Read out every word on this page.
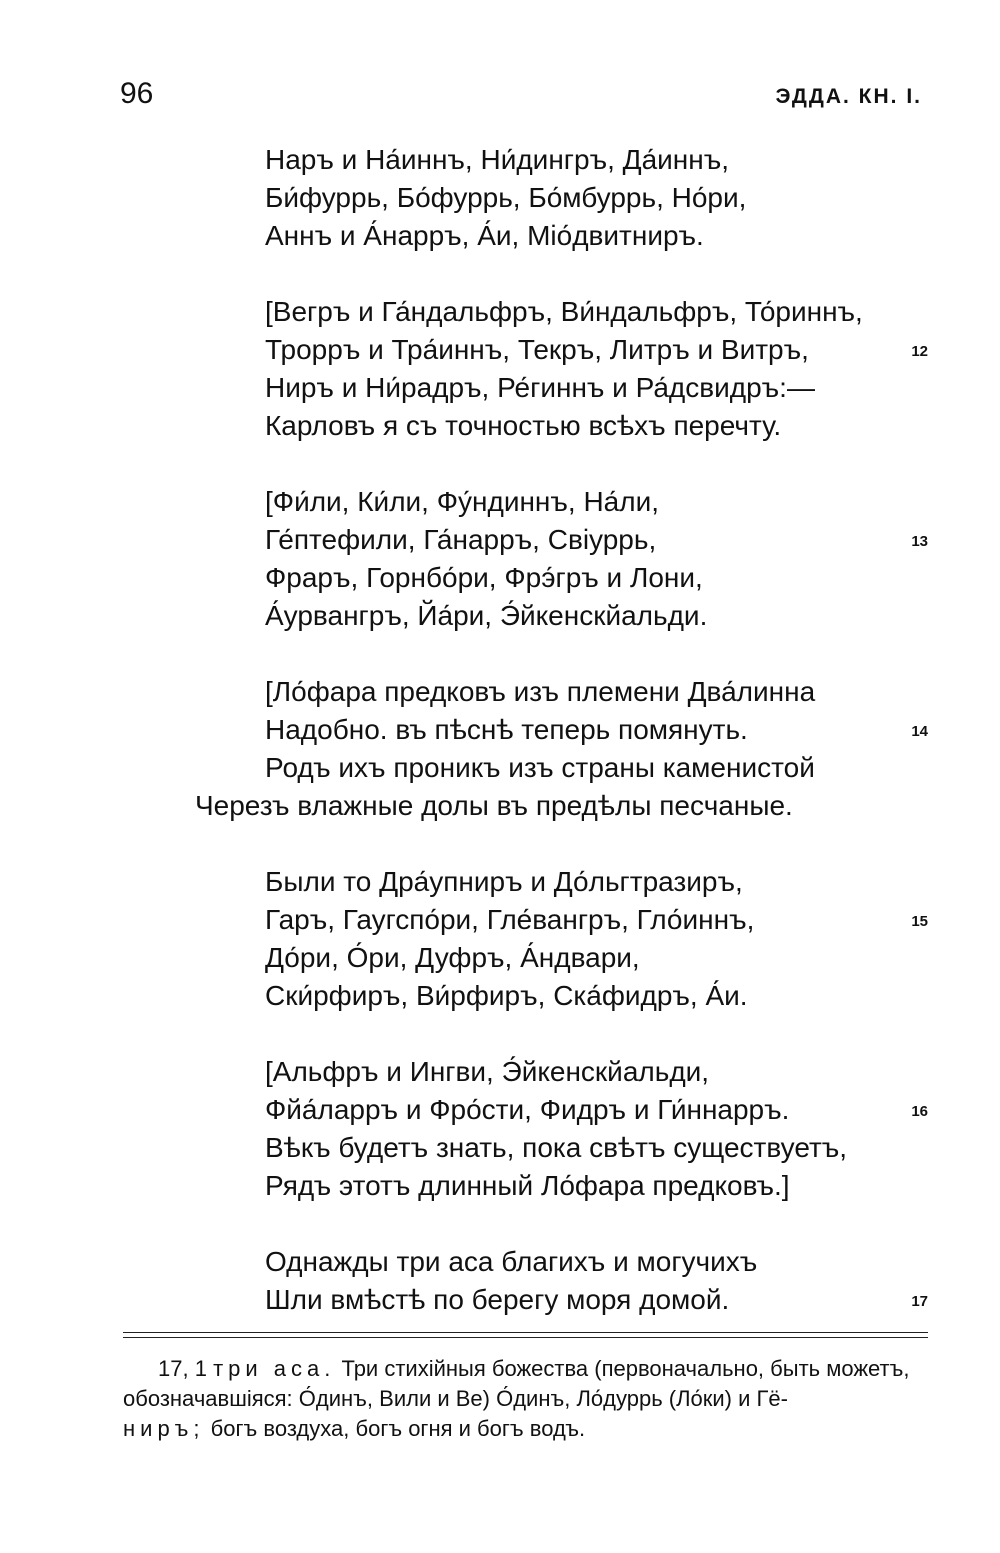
96	ЭДДА. КН. I.
Наръ и На́иннъ, Ни́дингръ, Да́иннъ,
Би́фуррь, Бо́фуррь, Бо́мбуррь, Но́ри,
Аннъ и А́нарръ, А́и, Міо́двитниръ.
[Вегръ и Га́ндальфръ, Ви́ндальфръ, То́риннъ,
Трорръ и Тра́иннъ, Текръ, Литръ и Витръ,	12
Ниръ и Ни́радръ, Ре́гиннъ и Ра́дсвидръ:—
Карловъ я съ точностью всѣхъ перечту.
[Фи́ли, Ки́ли, Фу́ндиннъ, На́ли,
Ге́птефили, Га́нарръ, Свіуррь,	13
Фраръ, Горнбо́ри, Фрэ́гръ и Лони,
А́урвангръ, Йа́ри, Э́йкенскйальди.
[Ло́фара предковъ изъ племени Два́линна
Надобно. въ пѣснѣ теперь помянуть.	14
Родъ ихъ проникъ изъ страны каменистой
Черезъ влажные долы въ предѣлы песчаные.
Были то Дра́упниръ и До́льгтразиръ,
Гаръ, Гаугспо́ри, Гле́вангръ, Гло́иннъ,	15
До́ри, О́ри, Дуфръ, А́ндвари,
Ски́рфиръ, Ви́рфиръ, Ска́фидръ, А́и.
[Альфръ и Ингви, Э́йкенскйальди,
Фйа́ларръ и Фро́сти, Фидръ и Ги́ннарръ.	16
Вѣкъ будетъ знать, пока свѣтъ существуетъ,
Рядъ этотъ длинный Ло́фара предковъ.]
Однажды три аса благихъ и могучихъ
Шли вмѣстѣ по берегу моря домой.	17
17, 1 три аса. Три стихійныя божества (первоначально, быть можетъ,
обозначавшіяся: О́динъ, Вили и Ве) О́динъ, Ло́дуррь (Ло́ки) и Гё-
ниръ; богъ воздуха, богъ огня и богъ водъ.
